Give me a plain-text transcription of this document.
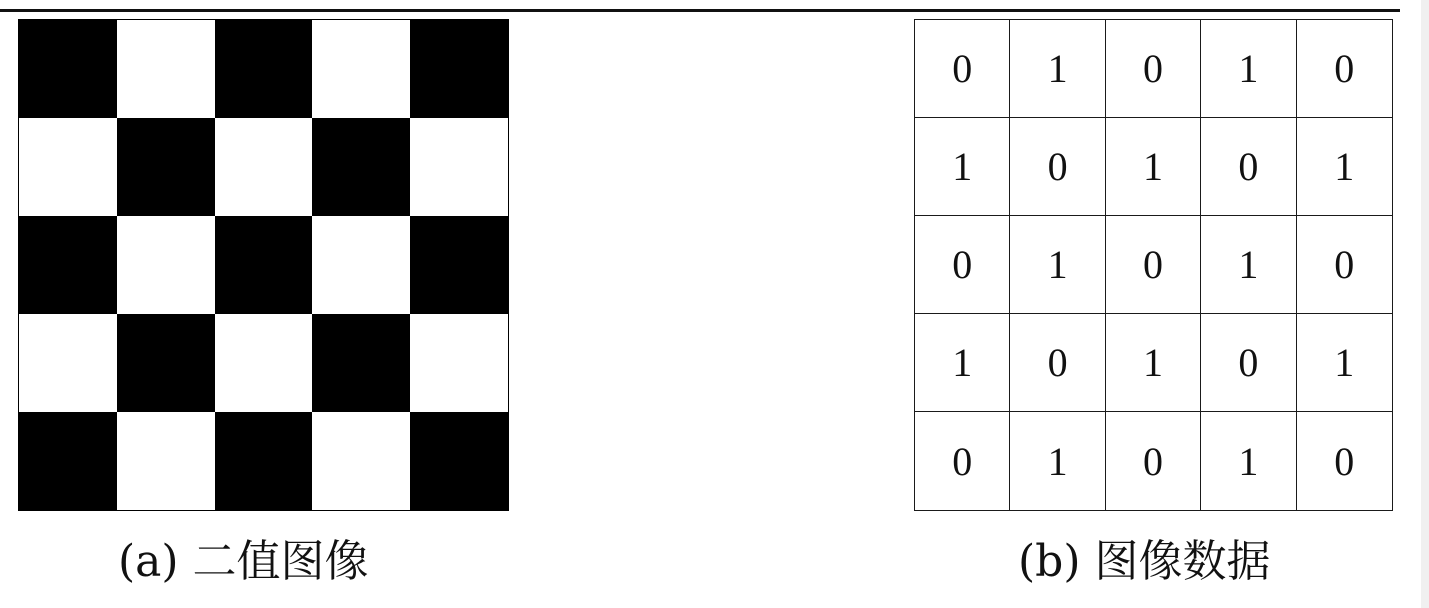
0	1	0	1	0
1	0	1	0	1
0	1	0	1	0
1	0	1	0	1
0	1	0	1	0
(a) 二值图像	(b) 图像数据
